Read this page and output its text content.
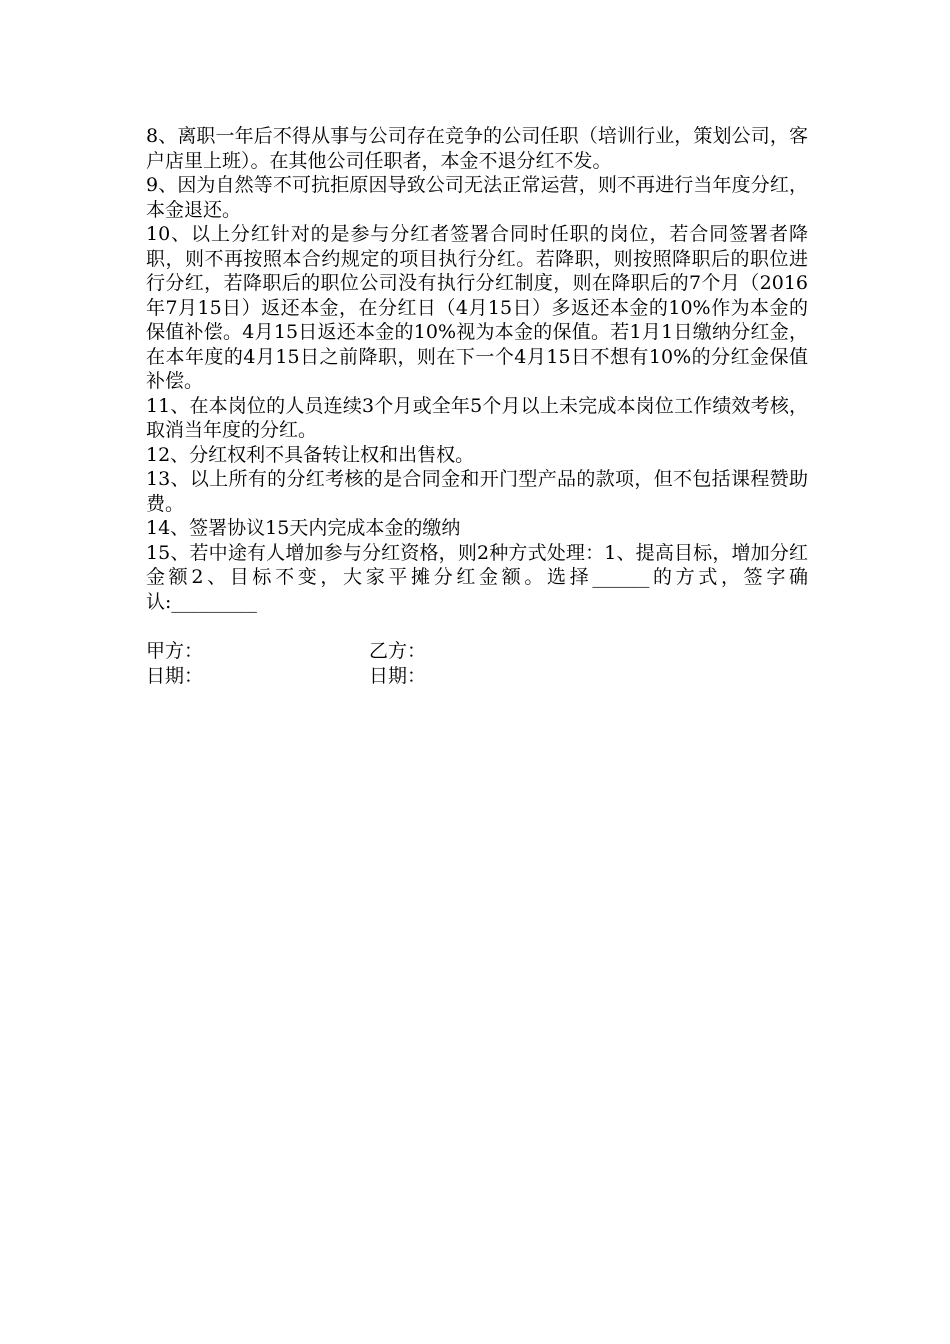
8、离职一年后不得从事与公司存在竞争的公司任职（培训行业，策划公司，客户店里上班）。在其他公司任职者，本金不退分红不发。

9、因为自然等不可抗拒原因导致公司无法正常运营，则不再进行当年度分红，本金退还。

10、以上分红针对的是参与分红者签署合同时任职的岗位，若合同签署者降职，则不再按照本合约规定的项目执行分红。若降职，则按照降职后的职位进行分红，若降职后的职位公司没有执行分红制度，则在降职后的7个月（2016年7月15日）返还本金，在分红日（4月15日）多返还本金的10%作为本金的保值补偿。4月15日返还本金的10%视为本金的保值。若1月1日缴纳分红金，在本年度的4月15日之前降职，则在下一个4月15日不想有10%的分红金保值补偿。

11、在本岗位的人员连续3个月或全年5个月以上未完成本岗位工作绩效考核，取消当年度的分红。

12、分红权利不具备转让权和出售权。

13、以上所有的分红考核的是合同金和开门型产品的款项，但不包括课程赞助费。

14、签署协议15天内完成本金的缴纳

15、若中途有人增加参与分红资格，则2种方式处理：1、提高目标，增加分红金额2、目标不变，大家平摊分红金额。选择______的方式，签字确认:_________

甲方：	乙方：
日期：	日期：
